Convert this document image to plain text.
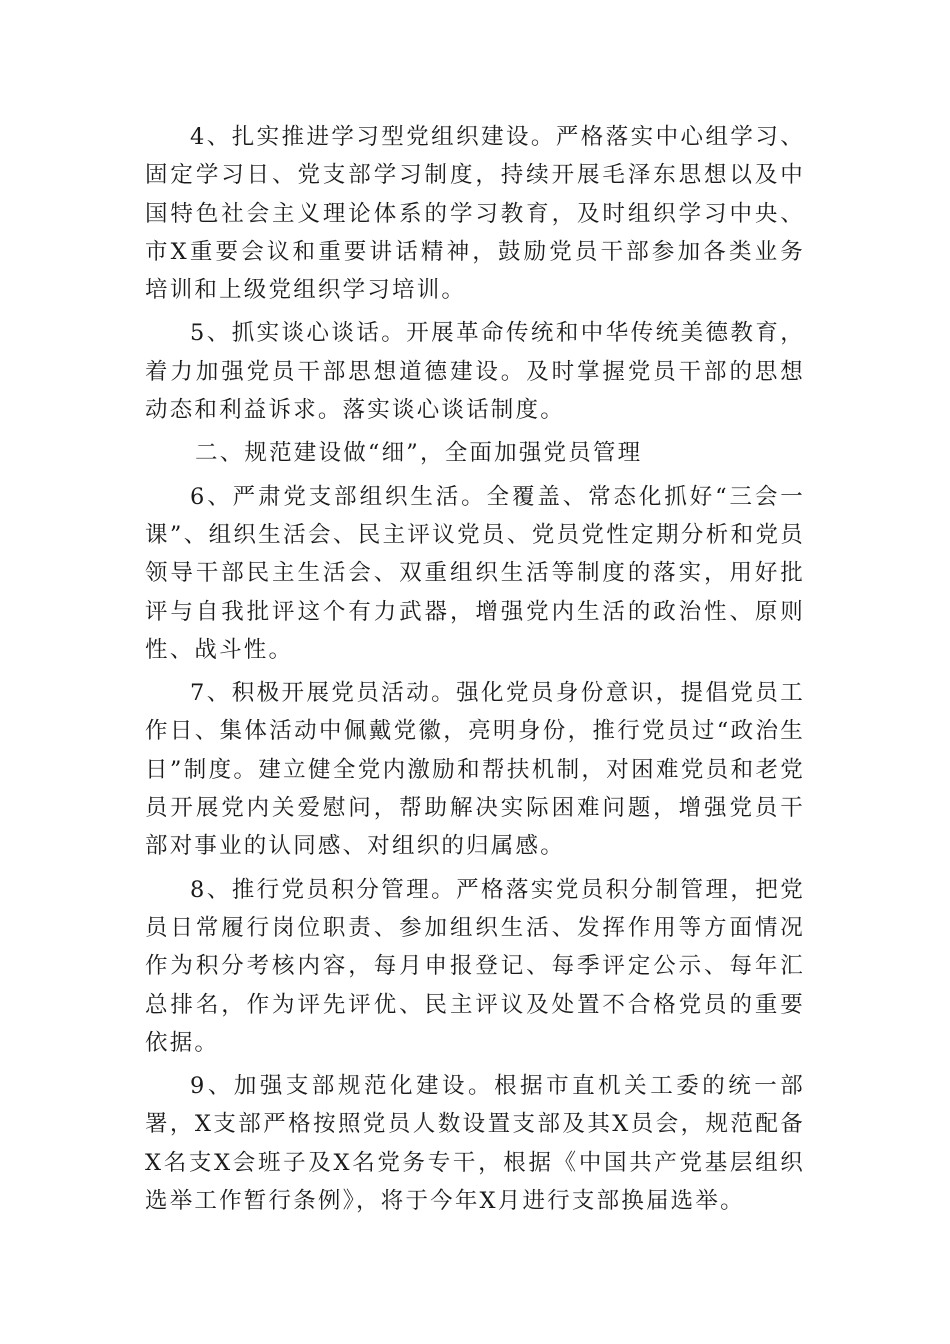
4、扎实推进学习型党组织建设。严格落实中心组学习、固定学习日、党支部学习制度，持续开展毛泽东思想以及中国特色社会主义理论体系的学习教育，及时组织学习中央、市X重要会议和重要讲话精神，鼓励党员干部参加各类业务培训和上级党组织学习培训。

5、抓实谈心谈话。开展革命传统和中华传统美德教育，着力加强党员干部思想道德建设。及时掌握党员干部的思想动态和利益诉求。落实谈心谈话制度。

二、规范建设做“细”，全面加强党员管理

6、严肃党支部组织生活。全覆盖、常态化抓好“三会一课”、组织生活会、民主评议党员、党员党性定期分析和党员领导干部民主生活会、双重组织生活等制度的落实，用好批评与自我批评这个有力武器，增强党内生活的政治性、原则性、战斗性。

7、积极开展党员活动。强化党员身份意识，提倡党员工作日、集体活动中佩戴党徽，亮明身份，推行党员过“政治生日”制度。建立健全党内激励和帮扶机制，对困难党员和老党员开展党内关爱慰问，帮助解决实际困难问题，增强党员干部对事业的认同感、对组织的归属感。

8、推行党员积分管理。严格落实党员积分制管理，把党员日常履行岗位职责、参加组织生活、发挥作用等方面情况作为积分考核内容，每月申报登记、每季评定公示、每年汇总排名，作为评先评优、民主评议及处置不合格党员的重要依据。

9、加强支部规范化建设。根据市直机关工委的统一部署，X支部严格按照党员人数设置支部及其X员会，规范配备X名支X会班子及X名党务专干，根据《中国共产党基层组织选举工作暂行条例》，将于今年X月进行支部换届选举。
